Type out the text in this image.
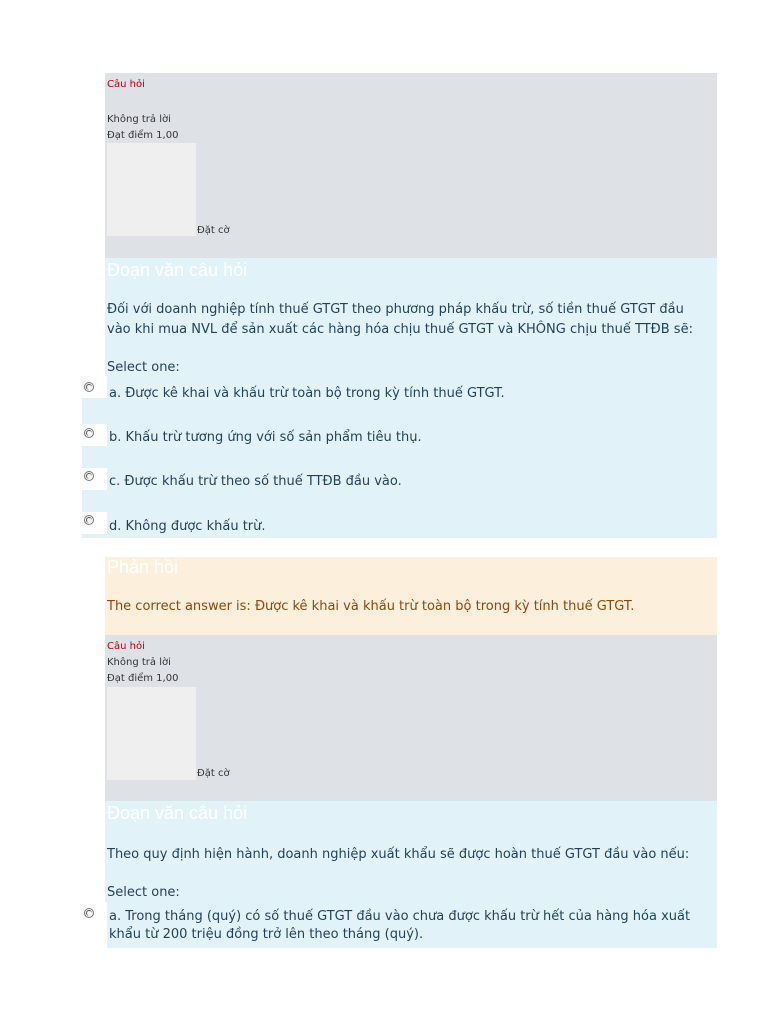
Câu hỏi
Không trả lời
Đạt điểm 1,00
Đặt cờ
Đoạn văn câu hỏi
Đối với doanh nghiệp tính thuế GTGT theo phương pháp khấu trừ, số tiền thuế GTGT đầu vào khi mua NVL để sản xuất các hàng hóa chịu thuế GTGT và KHÔNG chịu thuế TTĐB sẽ:
Select one:
a. Được kê khai và khấu trừ toàn bộ trong kỳ tính thuế GTGT.
b. Khấu trừ tương ứng với số sản phẩm tiêu thụ.
c. Được khấu trừ theo số thuế TTĐB đầu vào.
d. Không được khấu trừ.
Phản hồi
The correct answer is: Được kê khai và khấu trừ toàn bộ trong kỳ tính thuế GTGT.
Câu hỏi
Không trả lời
Đạt điểm 1,00
Đặt cờ
Đoạn văn câu hỏi
Theo quy định hiện hành, doanh nghiệp xuất khẩu sẽ được hoàn thuế GTGT đầu vào nếu:
Select one:
a. Trong tháng (quý) có số thuế GTGT đầu vào chưa được khấu trừ hết của hàng hóa xuất khẩu từ 200 triệu đồng trở lên theo tháng (quý).
